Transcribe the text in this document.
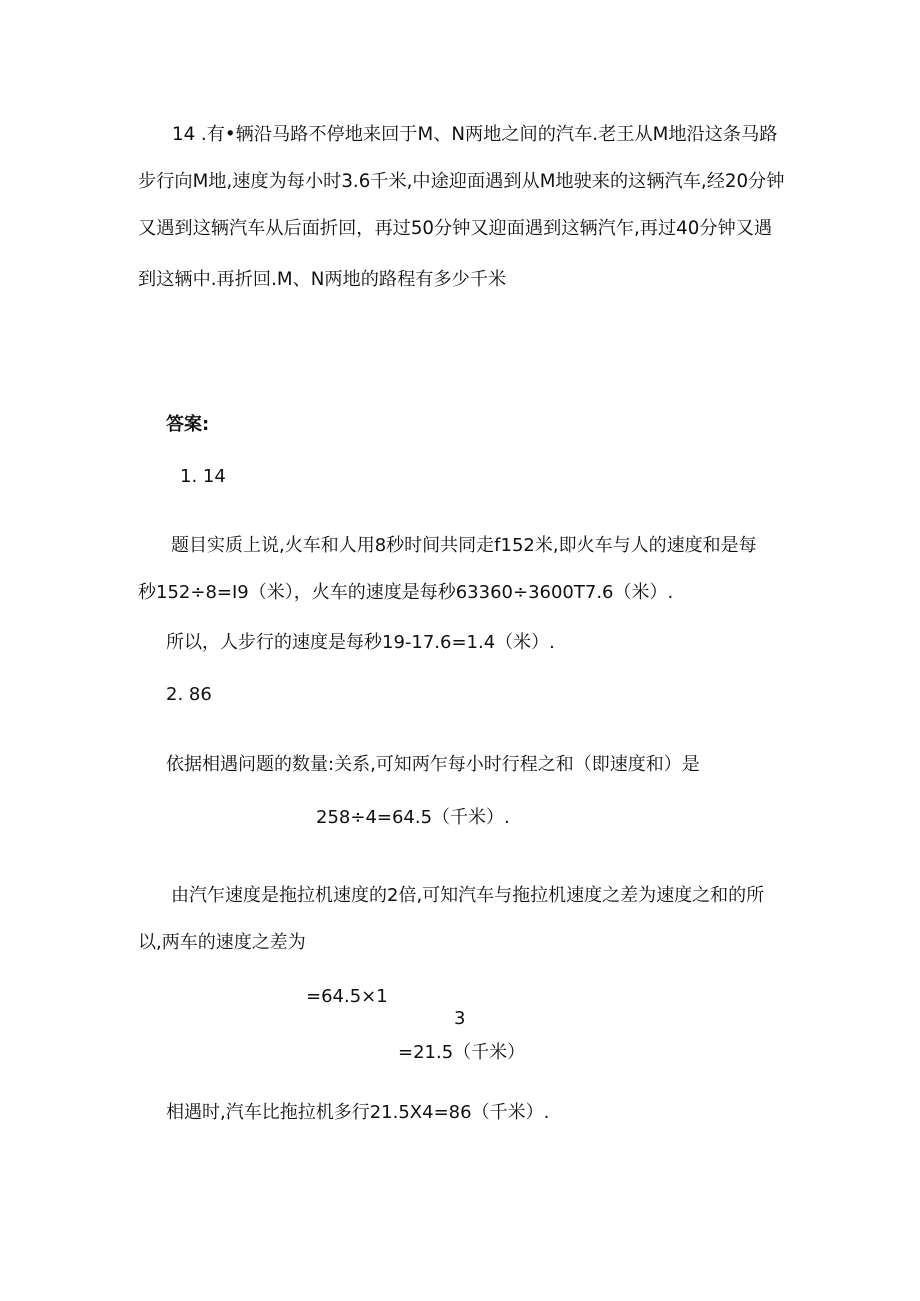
14 .有•辆沿马路不停地来回于M、N两地之间的汽车.老王从M地沿这条马路
步行向M地,速度为每小时3.6千米,中途迎面遇到从M地驶来的这辆汽车,经20分钟
又遇到这辆汽车从后面折回，再过50分钟又迎面遇到这辆汽乍,再过40分钟又遇
到这辆中.再折回.M、N两地的路程有多少千米
答案:
1. 14
题目实质上说,火车和人用8秒时间共同走f152米,即火车与人的速度和是每
秒152÷8=I9（米），火车的速度是每秒63360÷3600T7.6（米）.
所以，人步行的速度是每秒19-17.6=1.4（米）.
2. 86
依据相遇问题的数量:关系,可知两乍每小时行程之和（即速度和）是
258÷4=64.5（千米）.
由汽乍速度是拖拉机速度的2倍,可知汽车与拖拉机速度之差为速度之和的所
以,两车的速度之差为
=64.5×1
3
=21.5（千米）
相遇时,汽车比拖拉机多行21.5X4=86（千米）.
